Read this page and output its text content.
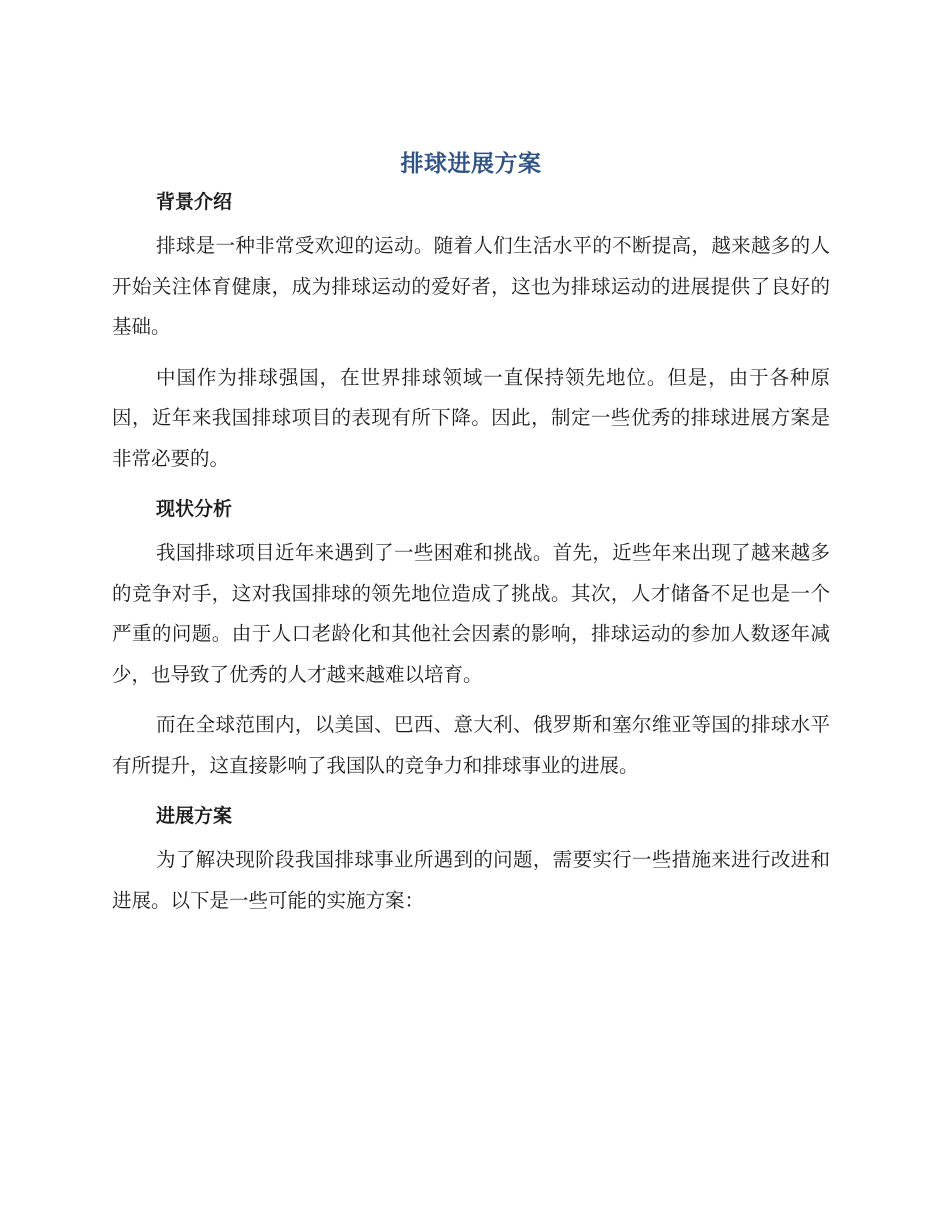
排球进展方案
背景介绍

排球是一种非常受欢迎的运动。随着人们生活水平的不断提高，越来越多的人开始关注体育健康，成为排球运动的爱好者，这也为排球运动的进展提供了良好的基础。

中国作为排球强国，在世界排球领域一直保持领先地位。但是，由于各种原因，近年来我国排球项目的表现有所下降。因此，制定一些优秀的排球进展方案是非常必要的。

现状分析

我国排球项目近年来遇到了一些困难和挑战。首先，近些年来出现了越来越多的竞争对手，这对我国排球的领先地位造成了挑战。其次，人才储备不足也是一个严重的问题。由于人口老龄化和其他社会因素的影响，排球运动的参加人数逐年减少，也导致了优秀的人才越来越难以培育。

而在全球范围内，以美国、巴西、意大利、俄罗斯和塞尔维亚等国的排球水平有所提升，这直接影响了我国队的竞争力和排球事业的进展。

进展方案

为了解决现阶段我国排球事业所遇到的问题，需要实行一些措施来进行改进和进展。以下是一些可能的实施方案：
